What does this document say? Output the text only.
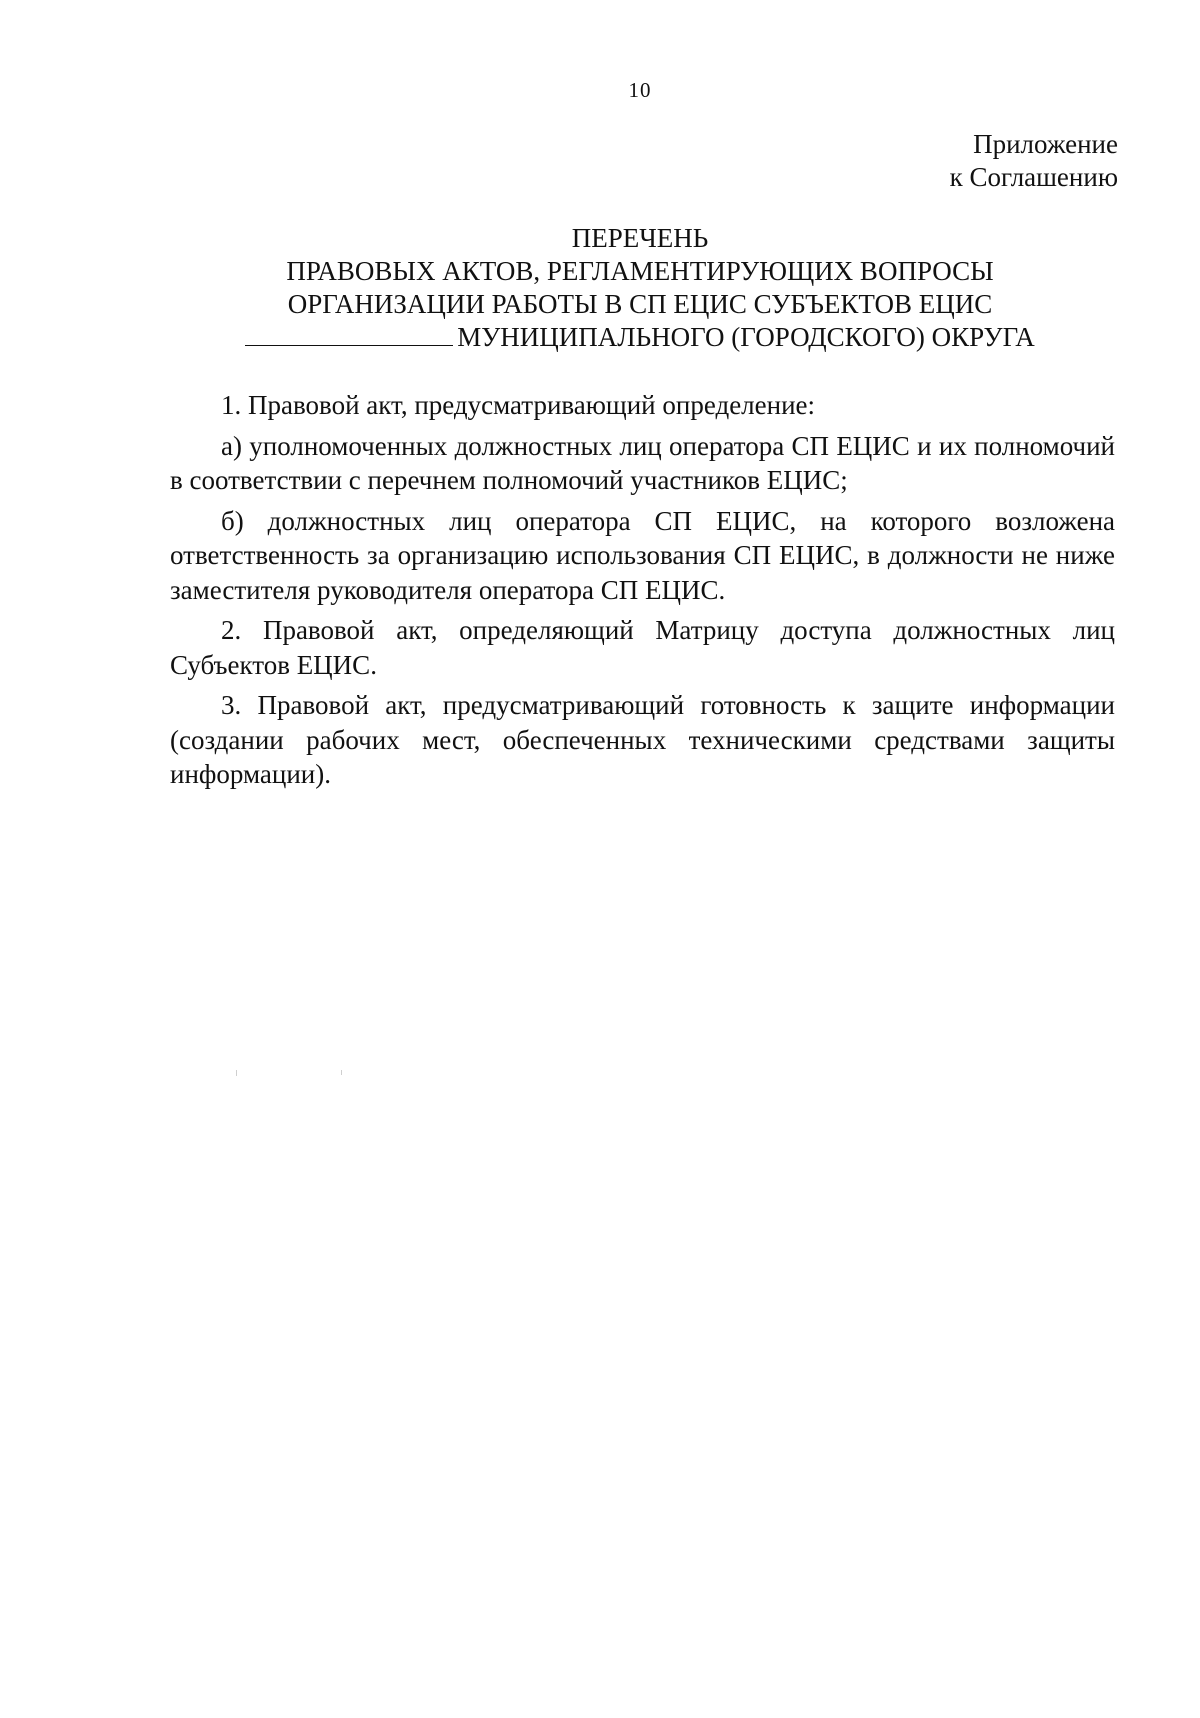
10
Приложение
к Соглашению
ПЕРЕЧЕНЬ
ПРАВОВЫХ АКТОВ, РЕГЛАМЕНТИРУЮЩИХ ВОПРОСЫ
ОРГАНИЗАЦИИ РАБОТЫ В СП ЕЦИС СУБЪЕКТОВ ЕЦИС
МУНИЦИПАЛЬНОГО (ГОРОДСКОГО) ОКРУГА

1. Правовой акт, предусматривающий определение:

а) уполномоченных должностных лиц оператора СП ЕЦИС и их полномочий в соответствии с перечнем полномочий участников ЕЦИС;

б) должностных лиц оператора СП ЕЦИС, на которого возложена ответственность за организацию использования СП ЕЦИС, в должности не ниже заместителя руководителя оператора СП ЕЦИС.

2. Правовой акт, определяющий Матрицу доступа должностных лиц Субъектов ЕЦИС.

3. Правовой акт, предусматривающий готовность к защите информации (создании рабочих мест, обеспеченных техническими средствами защиты информации).
